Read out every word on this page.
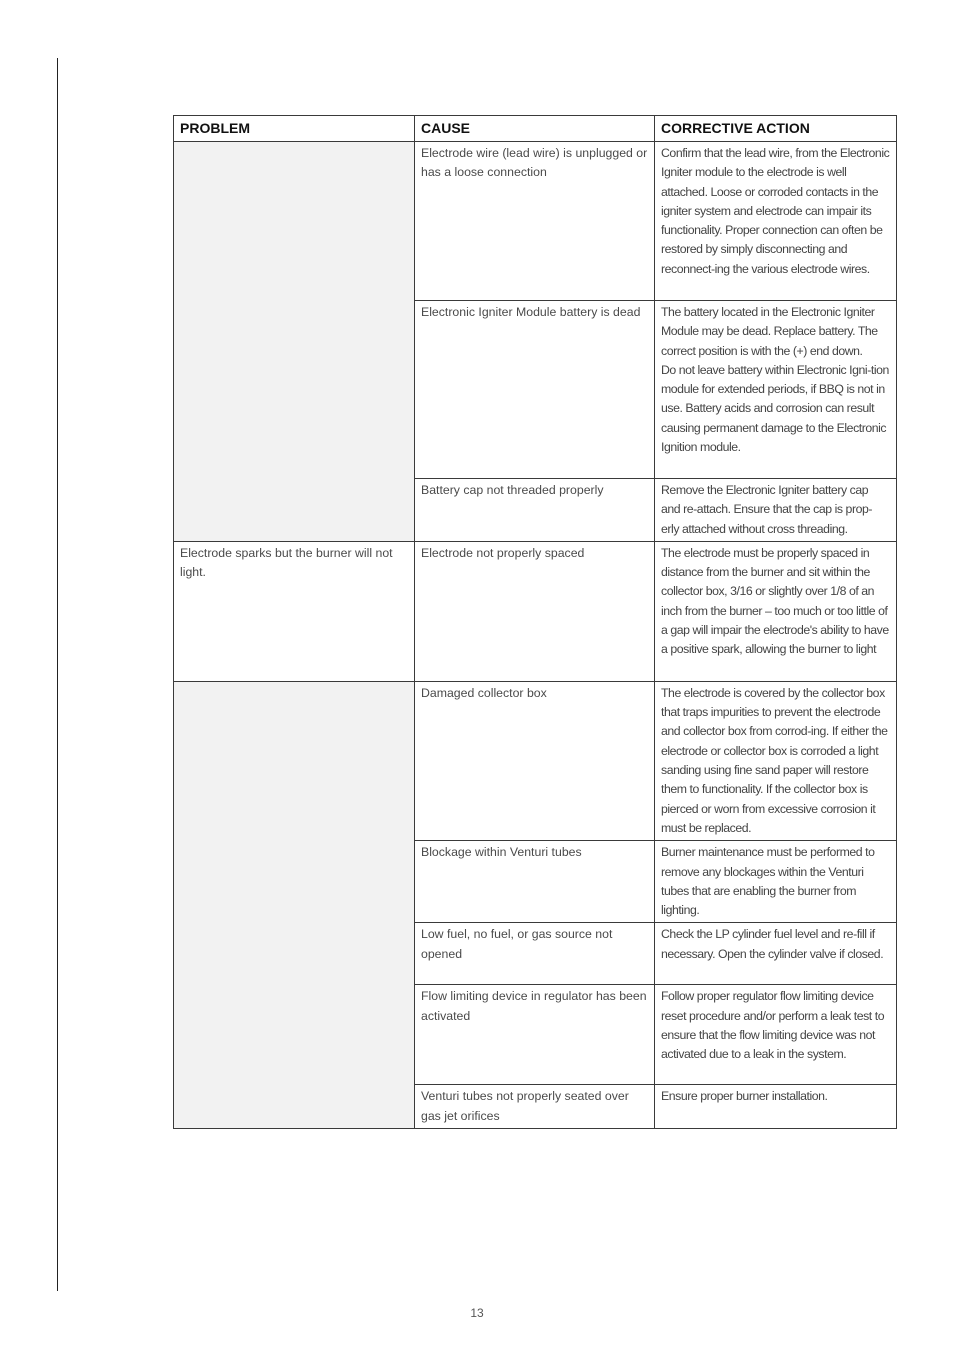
PROBLEM	CAUSE	CORRECTIVE ACTION
	Electrode wire (lead wire) is unplugged or has a loose connection	Confirm that the lead wire, from the Electronic Igniter module to the electrode is well attached. Loose or corroded contacts in the igniter system and electrode can impair its functionality. Proper connection can often be restored by simply disconnecting and reconnect-ing the various electrode wires.
	Electronic Igniter Module battery is dead	The battery located in the Electronic Igniter Module may be dead. Replace battery. The correct position is with the (+) end down.
Do not leave battery within Electronic Igni-tion module for extended periods, if BBQ is not in use. Battery acids and corrosion can result causing permanent damage to the Electronic Ignition module.

	Battery cap not threaded properly	Remove the Electronic Igniter battery cap and re-attach. Ensure that the cap is prop-erly attached without cross threading.
Electrode sparks but the burner will not light.	Electrode not properly spaced	The electrode must be properly spaced in distance from the burner and sit within the collector box, 3/16 or slightly over 1/8 of an inch from the burner – too much or too little of a gap will impair the electrode's ability to have a positive spark, allowing the burner to light
	Damaged collector box	The electrode is covered by the collector box that traps impurities to prevent the electrode and collector box from corrod-ing. If either the electrode or collector box is corroded a light sanding using fine sand paper will restore them to functionality. If the collector box is pierced or worn from excessive corrosion it must be replaced.
	Blockage within Venturi tubes	Burner maintenance must be performed to remove any blockages within the Venturi tubes that are enabling the burner from lighting.
	Low fuel, no fuel, or gas source not opened	Check the LP cylinder fuel level and re-fill if necessary. Open the cylinder valve if closed.
	Flow limiting device in regulator has been activated	Follow proper regulator flow limiting device reset procedure and/or perform a leak test to ensure that the flow limiting device was not activated due to a leak in the system.
	Venturi tubes not properly seated over gas jet orifices	Ensure proper burner installation.
13
